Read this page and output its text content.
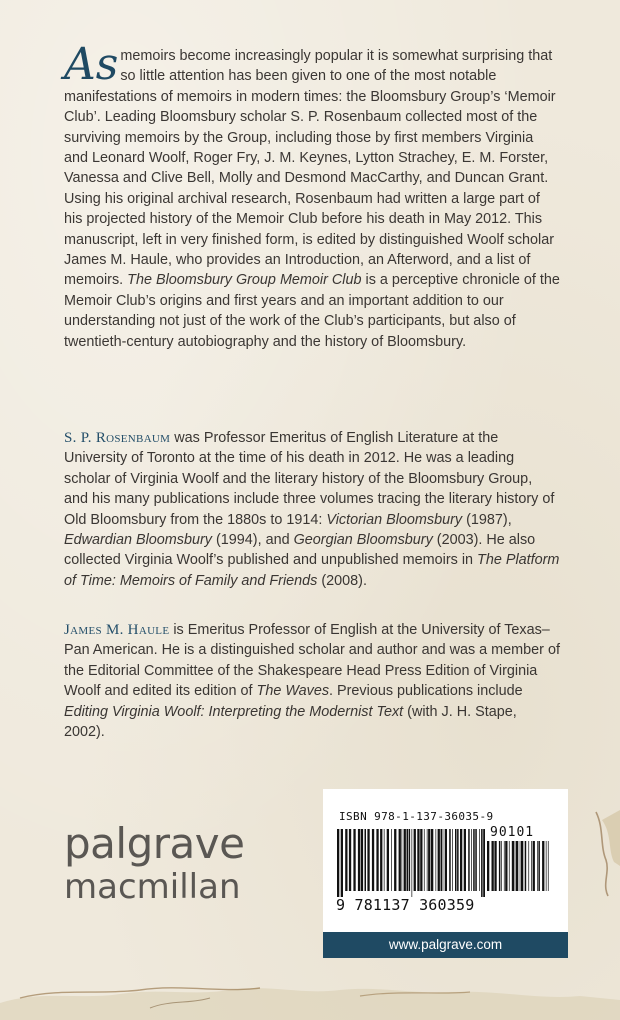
As memoirs become increasingly popular it is somewhat surprising that so little attention has been given to one of the most notable manifestations of memoirs in modern times: the Bloomsbury Group’s ‘Memoir Club’. Leading Bloomsbury scholar S. P. Rosenbaum collected most of the surviving memoirs by the Group, including those by first members Virginia and Leonard Woolf, Roger Fry, J. M. Keynes, Lytton Strachey, E. M. Forster, Vanessa and Clive Bell, Molly and Desmond MacCarthy, and Duncan Grant. Using his original archival research, Rosenbaum had written a large part of his projected history of the Memoir Club before his death in May 2012. This manuscript, left in very finished form, is edited by distinguished Woolf scholar James M. Haule, who provides an Introduction, an Afterword, and a list of memoirs. The Bloomsbury Group Memoir Club is a perceptive chronicle of the Memoir Club’s origins and first years and an important addition to our understanding not just of the work of the Club’s participants, but also of twentieth-century autobiography and the history of Bloomsbury.
S. P. Rosenbaum was Professor Emeritus of English Literature at the University of Toronto at the time of his death in 2012. He was a leading scholar of Virginia Woolf and the literary history of the Bloomsbury Group, and his many publications include three volumes tracing the literary history of Old Bloomsbury from the 1880s to 1914: Victorian Bloomsbury (1987), Edwardian Bloomsbury (1994), and Georgian Bloomsbury (2003). He also collected Virginia Woolf’s published and unpublished memoirs in The Platform of Time: Memoirs of Family and Friends (2008).
James M. Haule is Emeritus Professor of English at the University of Texas–Pan American. He is a distinguished scholar and author and was a member of the Editorial Committee of the Shakespeare Head Press Edition of Virginia Woolf and edited its edition of The Waves. Previous publications include Editing Virginia Woolf: Interpreting the Modernist Text (with J. H. Stape, 2002).
palgrave
macmillan
ISBN 978-1-137-36035-9
90101
9 781137 360359
www.palgrave.com
